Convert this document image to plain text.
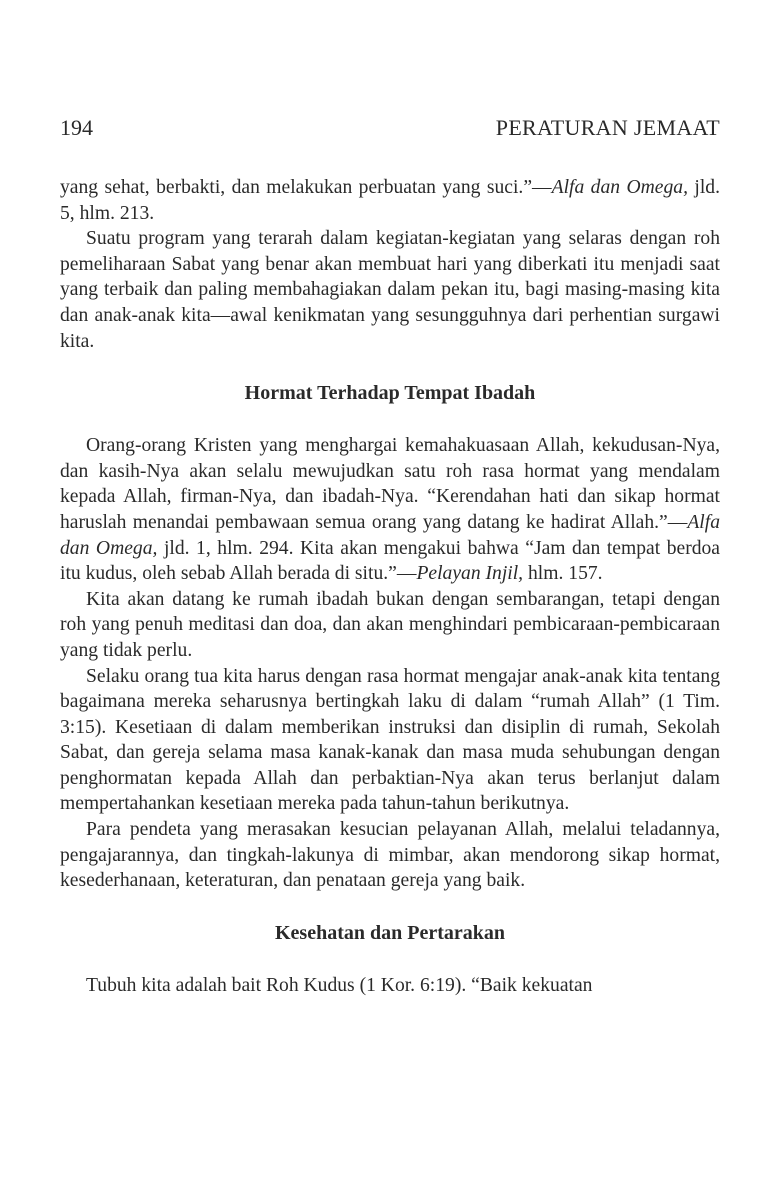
194	PERATURAN JEMAAT

yang sehat, berbakti, dan melakukan perbuatan yang suci.”—Alfa dan Omega, jld. 5, hlm. 213.

Suatu program yang terarah dalam kegiatan-kegiatan yang selaras dengan roh pemeliharaan Sabat yang benar akan membuat hari yang diberkati itu menjadi saat yang terbaik dan paling membahagiakan dalam pekan itu, bagi masing-masing kita dan anak-anak kita—awal kenikmatan yang sesungguhnya dari perhentian surgawi kita.

Hormat Terhadap Tempat Ibadah

Orang-orang Kristen yang menghargai kemahakuasaan Allah, kekudusan-Nya, dan kasih-Nya akan selalu mewujudkan satu roh rasa hormat yang mendalam kepada Allah, firman-Nya, dan ibadah-Nya. “Kerendahan hati dan sikap hormat haruslah menandai pembawaan semua orang yang datang ke hadirat Allah.”—Alfa dan Omega, jld. 1, hlm. 294. Kita akan mengakui bahwa “Jam dan tempat berdoa itu kudus, oleh sebab Allah berada di situ.”—Pelayan Injil, hlm. 157.

Kita akan datang ke rumah ibadah bukan dengan sembarangan, tetapi dengan roh yang penuh meditasi dan doa, dan akan menghindari pembicaraan-pembicaraan yang tidak perlu.

Selaku orang tua kita harus dengan rasa hormat mengajar anak-anak kita tentang bagaimana mereka seharusnya bertingkah laku di dalam “rumah Allah” (1 Tim. 3:15). Kesetiaan di dalam memberikan instruksi dan disiplin di rumah, Sekolah Sabat, dan gereja selama masa kanak-kanak dan masa muda sehubungan dengan penghormatan kepada Allah dan perbaktian-Nya akan terus berlanjut dalam mempertahankan kesetiaan mereka pada tahun-tahun berikutnya.

Para pendeta yang merasakan kesucian pelayanan Allah, melalui teladannya, pengajarannya, dan tingkah-lakunya di mimbar, akan mendorong sikap hormat, kesederhanaan, keteraturan, dan penataan gereja yang baik.

Kesehatan dan Pertarakan

Tubuh kita adalah bait Roh Kudus (1 Kor. 6:19). “Baik kekuatan
